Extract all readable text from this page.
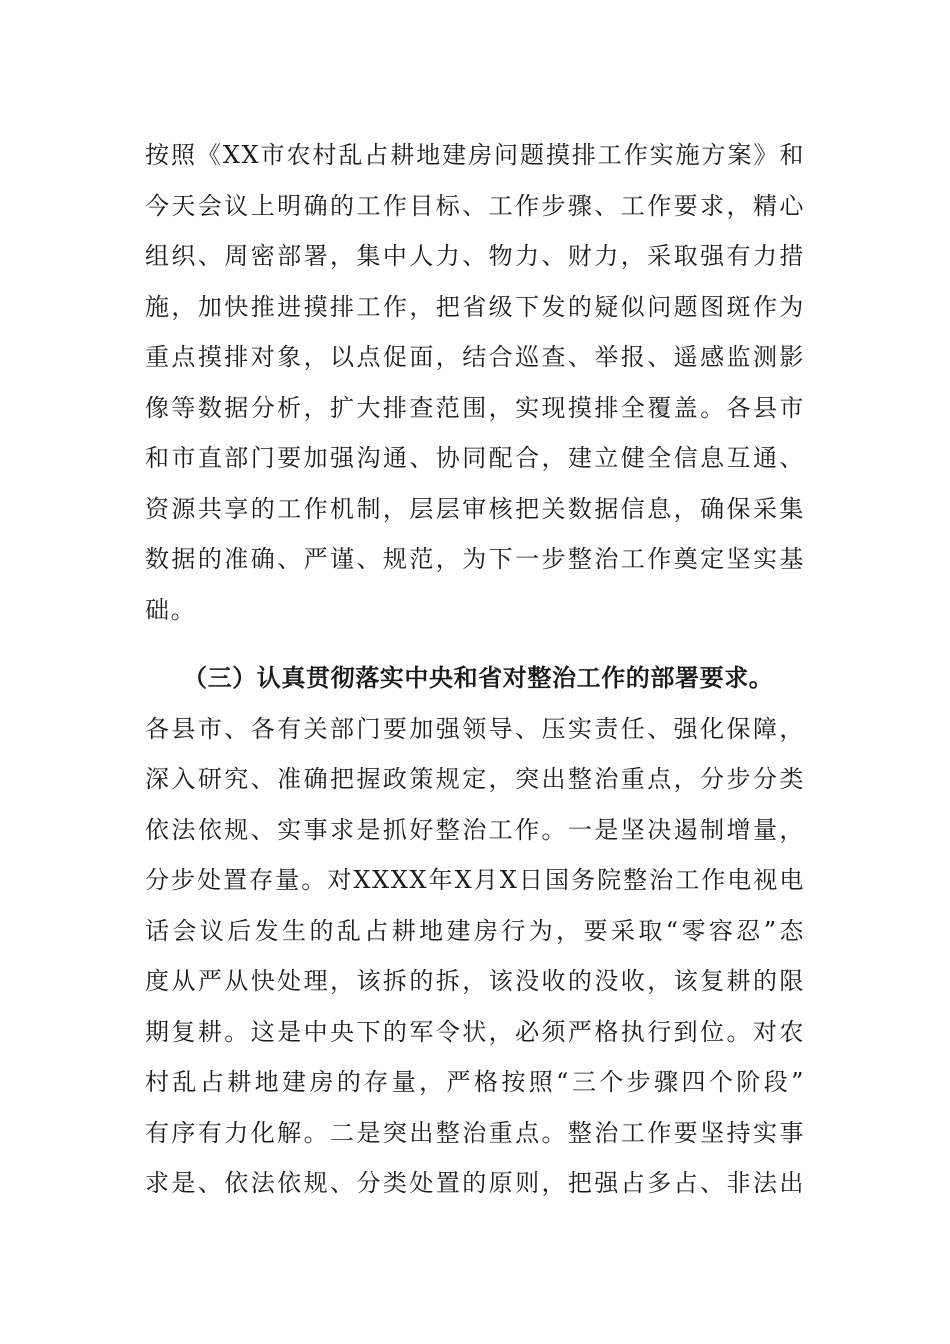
按照《XX市农村乱占耕地建房问题摸排工作实施方案》和
今天会议上明确的工作目标、工作步骤、工作要求，精心
组织、周密部署，集中人力、物力、财力，采取强有力措
施，加快推进摸排工作，把省级下发的疑似问题图斑作为
重点摸排对象，以点促面，结合巡查、举报、遥感监测影
像等数据分析，扩大排查范围，实现摸排全覆盖。各县市
和市直部门要加强沟通、协同配合，建立健全信息互通、
资源共享的工作机制，层层审核把关数据信息，确保采集
数据的准确、严谨、规范，为下一步整治工作奠定坚实基
础。
（三）认真贯彻落实中央和省对整治工作的部署要求。
各县市、各有关部门要加强领导、压实责任、强化保障，
深入研究、准确把握政策规定，突出整治重点，分步分类
依法依规、实事求是抓好整治工作。一是坚决遏制增量，
分步处置存量。对XXXX年X月X日国务院整治工作电视电
话会议后发生的乱占耕地建房行为，要采取“零容忍”态
度从严从快处理，该拆的拆，该没收的没收，该复耕的限
期复耕。这是中央下的军令状，必须严格执行到位。对农
村乱占耕地建房的存量，严格按照“三个步骤四个阶段”
有序有力化解。二是突出整治重点。整治工作要坚持实事
求是、依法依规、分类处置的原则，把强占多占、非法出
